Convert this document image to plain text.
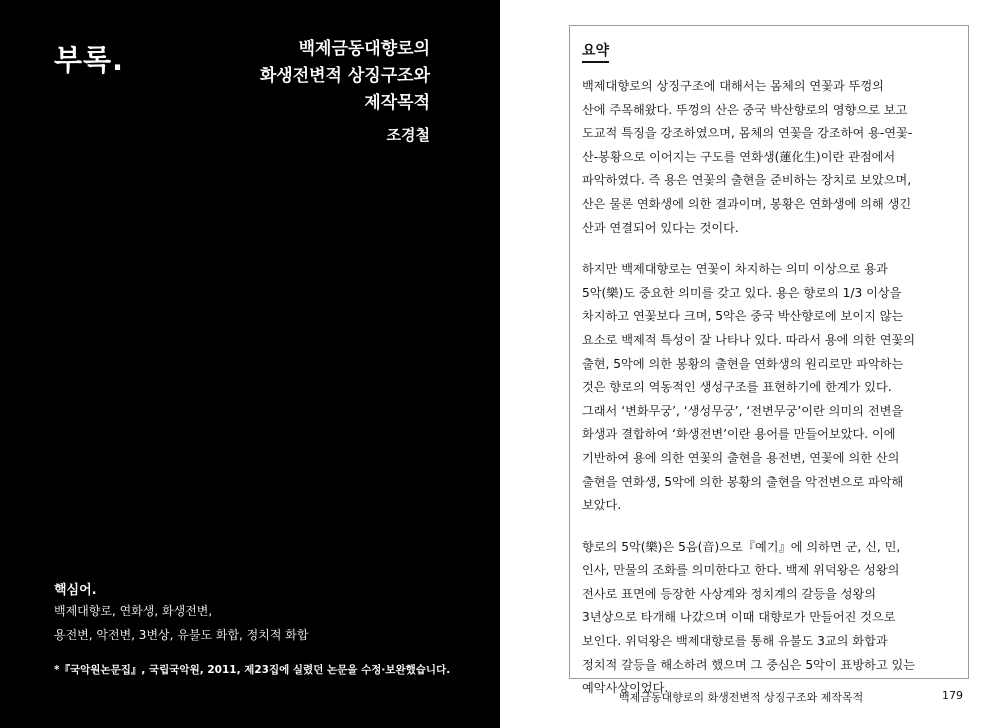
부록.	백제금동대향로의
화생전변적 상징구조와
제작목적
조경철
핵심어.
백제대향로, 연화생, 화생전변,
용전변, 악전변, 3변상, 유불도 화합, 정치적 화합
*『국악원논문집』, 국립국악원, 2011, 제23집에 실렸던 논문을 수정·보완했습니다.
요약
백제대향로의 상징구조에 대해서는 몸체의 연꽃과 뚜껑의
산에 주목해왔다. 뚜껑의 산은 중국 박산향로의 영향으로 보고
도교적 특징을 강조하였으며, 몸체의 연꽃을 강조하여 용-연꽃-
산-봉황으로 이어지는 구도를 연화생(蓮化生)이란 관점에서
파악하였다. 즉 용은 연꽃의 출현을 준비하는 장치로 보았으며,
산은 물론 연화생에 의한 결과이며, 봉황은 연화생에 의해 생긴
산과 연결되어 있다는 것이다.
하지만 백제대향로는 연꽃이 차지하는 의미 이상으로 용과
5악(樂)도 중요한 의미를 갖고 있다. 용은 향로의 1/3 이상을
차지하고 연꽃보다 크며, 5악은 중국 박산향로에 보이지 않는
요소로 백제적 특성이 잘 나타나 있다. 따라서 용에 의한 연꽃의
출현, 5악에 의한 봉황의 출현을 연화생의 원리로만 파악하는
것은 향로의 역동적인 생성구조를 표현하기에 한계가 있다.
그래서 ‘변화무궁’, ‘생성무궁’, ‘전변무궁’이란 의미의 전변을
화생과 결합하여 ‘화생전변’이란 용어를 만들어보았다. 이에
기반하여 용에 의한 연꽃의 출현을 용전변, 연꽃에 의한 산의
출현을 연화생, 5악에 의한 봉황의 출현을 악전변으로 파악해
보았다.
향로의 5악(樂)은 5음(音)으로『예기』에 의하면 군, 신, 민,
인사, 만물의 조화를 의미한다고 한다. 백제 위덕왕은 성왕의
전사로 표면에 등장한 사상계와 정치계의 갈등을 성왕의
3년상으로 타개해 나갔으며 이때 대향로가 만들어진 것으로
보인다. 위덕왕은 백제대향로를 통해 유불도 3교의 화합과
정치적 갈등을 해소하려 했으며 그 중심은 5악이 표방하고 있는
예악사상이었다.
백제금동대향로의 화생전변적 상징구조와 제작목적	179
